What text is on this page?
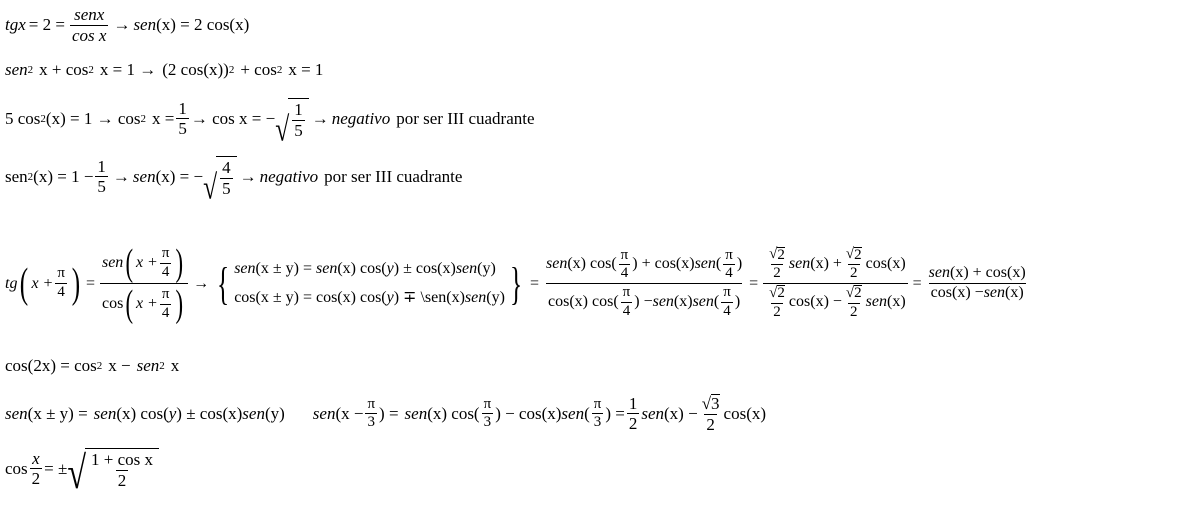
tgx = $2 = \frac{\text{senx}}{\text{cos x}}$ → sen (x) = 2 cos(x)
sen 2 x + cos 2 x = 1 → (2 cos(x)) 2 + cos 2 x = 1
5 cos 2 (x) = 1 → cos 2 $x = \frac{1}{5} \to \cos x$ = − √ $\frac{1}{5}$ → negativo por ser III cuadrante
sen 2 $(x) = 1 - \frac{1}{5}$ → sen (x) = − √ $\frac{4}{5}$ → negativo por ser III cuadrante
tg ( $x + \frac{\pi}{4}$ ) =
sen ( $x + \frac{\pi}{4}$ )
cos ( $x + \frac{\pi}{4}$ ) → { sen(x ± y) = sen(x) cos(y) ± cos(x)sen(y)
cos(x ± y) = cos(x) cos(y) ∓ \sen(x)sen(y) } = $\frac{sen (x) \cos( \frac{\pi}{4} ) + \cos(x) sen ( \frac{\pi}{4} )}{\cos(x) \cos( \frac{\pi}{4} ) - sen (x) sen ( \frac{\pi}{4} )} = \frac{\frac{√ 2}{2} sen (x) + \frac{√ 2}{2} \cos(x)}{\frac{√ 2}{2} \cos(x) - \frac{√ 2}{2} sen (x)} = \frac{\text{sen (x) + cos(x)}}{\text{cos(x) − sen (x)}}$
cos(2x) = cos 2 x − sen 2 x
sen (x ± y) = sen (x) cos( y ) ± cos(x) sen (y) sen ($x - \frac{\pi}{3}$ ) = sen (x) $\cos( \frac{\pi}{3}$ ) − cos(x) sen ( $\frac{\pi}{3}$ ) = $\frac{1}{2}$ sen $(x) - \frac{√ 3}{2} \cos(x)$
$\cos \frac{x}{2}$ = ± √ $\frac{\text{1 + cos x}}{2}$
